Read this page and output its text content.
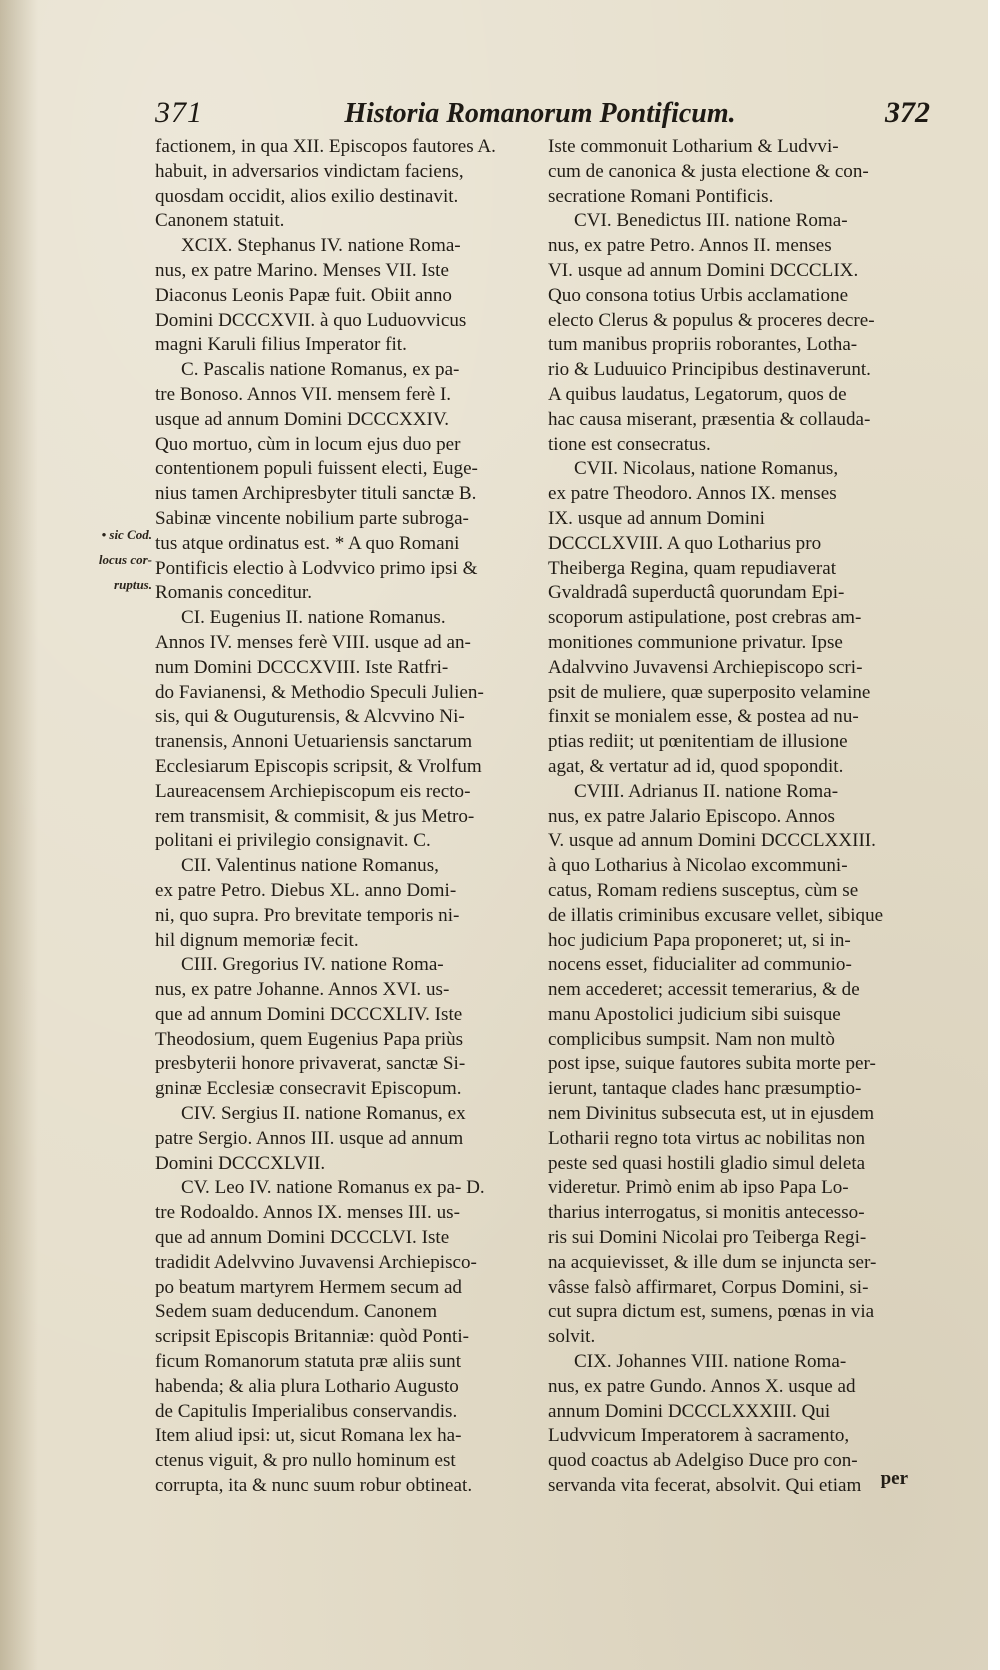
371	Historia Romanorum Pontificum.	372
• sic Cod.
locus cor-
ruptus.
factionem, in qua XII. Episcopos fautores A.
habuit, in adversarios vindictam faciens,
quosdam occidit, alios exilio destinavit.
Canonem statuit.
XCIX. Stephanus IV. natione Roma-
nus, ex patre Marino. Menses VII. Iste
Diaconus Leonis Papæ fuit. Obiit anno
Domini DCCCXVII. à quo Luduovvicus
magni Karuli filius Imperator fit.
C. Pascalis natione Romanus, ex pa-
tre Bonoso. Annos VII. mensem ferè I.
usque ad annum Domini DCCCXXIV.
Quo mortuo, cùm in locum ejus duo per
contentionem populi fuissent electi, Euge-
nius tamen Archipresbyter tituli sanctæ B.
Sabinæ vincente nobilium parte subroga-
tus atque ordinatus est. * A quo Romani
Pontificis electio à Lodvvico primo ipsi &
Romanis conceditur.
CI. Eugenius II. natione Romanus.
Annos IV. menses ferè VIII. usque ad an-
num Domini DCCCXVIII. Iste Ratfri-
do Favianensi, & Methodio Speculi Julien-
sis, qui & Ouguturensis, & Alcvvino Ni-
tranensis, Annoni Uetuariensis sanctarum
Ecclesiarum Episcopis scripsit, & Vrolfum
Laureacensem Archiepiscopum eis recto-
rem transmisit, & commisit, & jus Metro-
politani ei privilegio consignavit. C.
CII. Valentinus natione Romanus,
ex patre Petro. Diebus XL. anno Domi-
ni, quo supra. Pro brevitate temporis ni-
hil dignum memoriæ fecit.
CIII. Gregorius IV. natione Roma-
nus, ex patre Johanne. Annos XVI. us-
que ad annum Domini DCCCXLIV. Iste
Theodosium, quem Eugenius Papa priùs
presbyterii honore privaverat, sanctæ Si-
gninæ Ecclesiæ consecravit Episcopum.
CIV. Sergius II. natione Romanus, ex
patre Sergio. Annos III. usque ad annum
Domini DCCCXLVII.
CV. Leo IV. natione Romanus ex pa- D.
tre Rodoaldo. Annos IX. menses III. us-
que ad annum Domini DCCCLVI. Iste
tradidit Adelvvino Juvavensi Archiepisco-
po beatum martyrem Hermem secum ad
Sedem suam deducendum. Canonem
scripsit Episcopis Britanniæ: quòd Ponti-
ficum Romanorum statuta præ aliis sunt
habenda; & alia plura Lothario Augusto
de Capitulis Imperialibus conservandis.
Item aliud ipsi: ut, sicut Romana lex ha-
ctenus viguit, & pro nullo hominum est
corrupta, ita & nunc suum robur obtineat.
Iste commonuit Lotharium & Ludvvi-
cum de canonica & justa electione & con-
secratione Romani Pontificis.
CVI. Benedictus III. natione Roma-
nus, ex patre Petro. Annos II. menses
VI. usque ad annum Domini DCCCLIX.
Quo consona totius Urbis acclamatione
electo Clerus & populus & proceres decre-
tum manibus propriis roborantes, Lotha-
rio & Luduuico Principibus destinaverunt.
A quibus laudatus, Legatorum, quos de
hac causa miserant, præsentia & collauda-
tione est consecratus.
CVII. Nicolaus, natione Romanus,
ex patre Theodoro. Annos IX. menses
IX. usque ad annum Domini
DCCCLXVIII. A quo Lotharius pro
Theiberga Regina, quam repudiaverat
Gvaldradâ superductâ quorundam Epi-
scoporum astipulatione, post crebras am-
monitiones communione privatur. Ipse
Adalvvino Juvavensi Archiepiscopo scri-
psit de muliere, quæ superposito velamine
finxit se monialem esse, & postea ad nu-
ptias rediit; ut pœnitentiam de illusione
agat, & vertatur ad id, quod spopondit.
CVIII. Adrianus II. natione Roma-
nus, ex patre Jalario Episcopo. Annos
V. usque ad annum Domini DCCCLXXIII.
à quo Lotharius à Nicolao excommuni-
catus, Romam rediens susceptus, cùm se
de illatis criminibus excusare vellet, sibique
hoc judicium Papa proponeret; ut, si in-
nocens esset, fiducialiter ad communio-
nem accederet; accessit temerarius, & de
manu Apostolici judicium sibi suisque
complicibus sumpsit. Nam non multò
post ipse, suique fautores subita morte per-
ierunt, tantaque clades hanc præsumptio-
nem Divinitus subsecuta est, ut in ejusdem
Lotharii regno tota virtus ac nobilitas non
peste sed quasi hostili gladio simul deleta
videretur. Primò enim ab ipso Papa Lo-
tharius interrogatus, si monitis antecesso-
ris sui Domini Nicolai pro Teiberga Regi-
na acquievisset, & ille dum se injuncta ser-
vâsse falsò affirmaret, Corpus Domini, si-
cut supra dictum est, sumens, pœnas in via
solvit.
CIX. Johannes VIII. natione Roma-
nus, ex patre Gundo. Annos X. usque ad
annum Domini DCCCLXXXIII. Qui
Ludvvicum Imperatorem à sacramento,
quod coactus ab Adelgiso Duce pro con-
servanda vita fecerat, absolvit. Qui etiam	per
